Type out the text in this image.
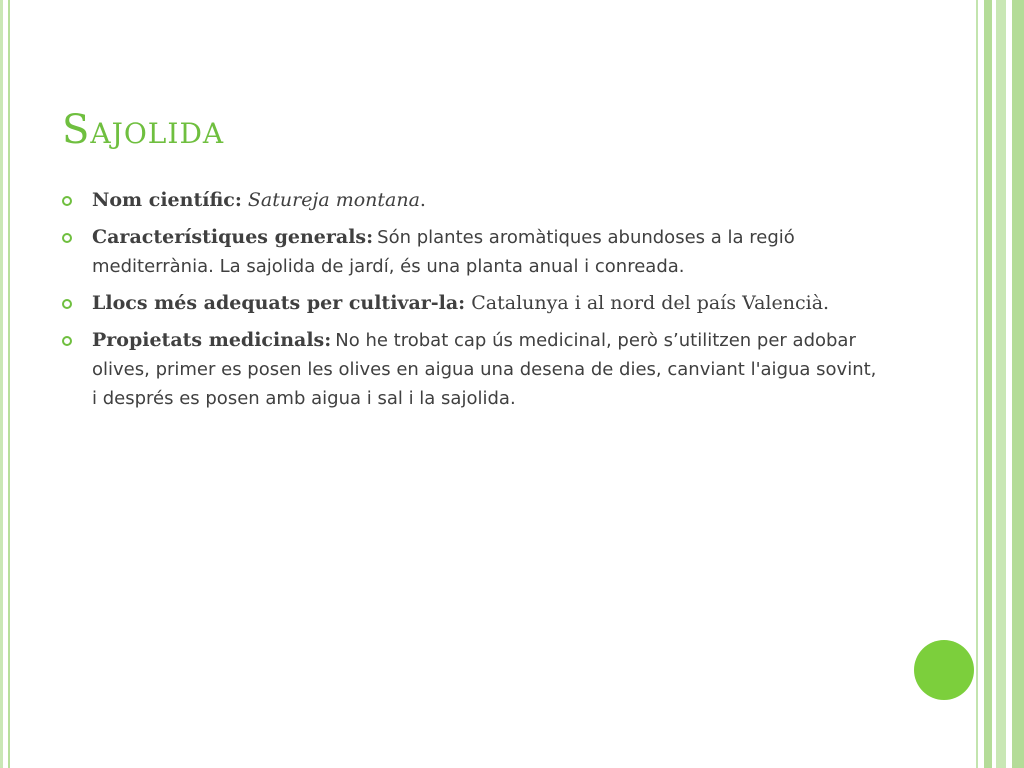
Sajolida
Nom científic: Satureja montana.
Característiques generals: Són plantes aromàtiques abundoses a la regió mediterrània. La sajolida de jardí, és una planta anual i conreada.
Llocs més adequats per cultivar-la: Catalunya i al nord del país Valencià.
Propietats medicinals: No he trobat cap ús medicinal, però s’utilitzen per adobar olives, primer es posen les olives en aigua una desena de dies, canviant l'aigua sovint, i després es posen amb aigua i sal i la sajolida.
